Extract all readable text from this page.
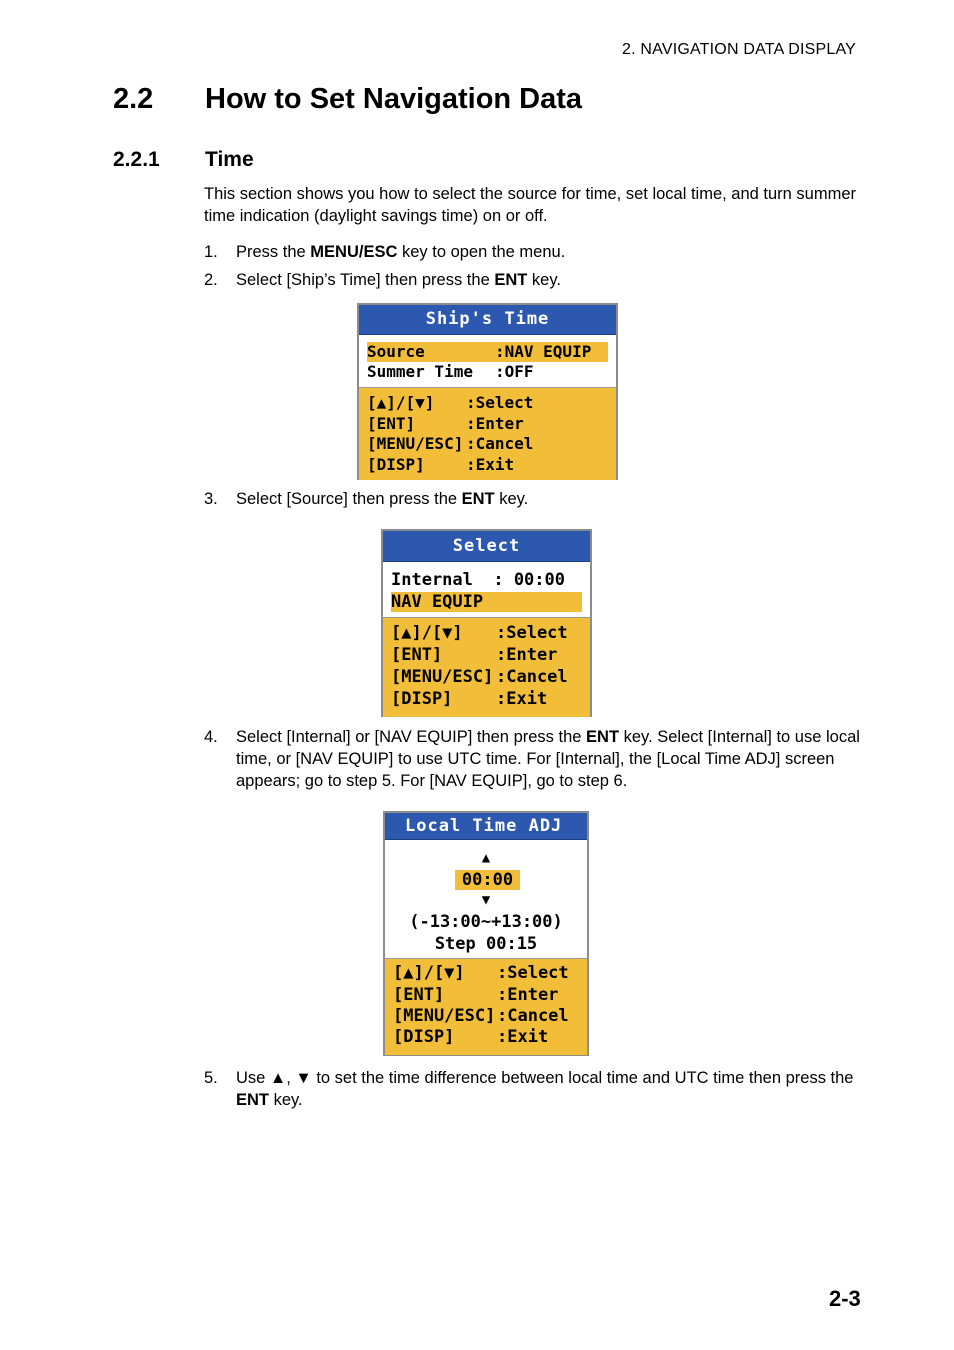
2. NAVIGATION DATA DISPLAY
2.2 How to Set Navigation Data
2.2.1 Time
This section shows you how to select the source for time, set local time, and turn summer time indication (daylight savings time) on or off.
1. Press the MENU/ESC key to open the menu.
2. Select [Ship’s Time] then press the ENT key.
Ship's Time
Source :NAV EQUIP
Summer Time :OFF
[▲]/[▼] :Select
[ENT]	:Enter
[MENU/ESC] :Cancel
[DISP]	:Exit
3. Select [Source] then press the ENT key.
Select
Internal  : 00:00
NAV EQUIP
[▲]/[▼] :Select
[ENT]	:Enter
[MENU/ESC] :Cancel
[DISP]	:Exit
4. Select [Internal] or [NAV EQUIP] then press the ENT key. Select [Internal] to use local time, or [NAV EQUIP] to use UTC time. For [Internal], the [Local Time ADJ] screen appears; go to step 5. For [NAV EQUIP], go to step 6.
Local Time ADJ
▲
00:00
▼
(-13:00~+13:00)
Step 00:15
[▲]/[▼] :Select
[ENT]	:Enter
[MENU/ESC] :Cancel
[DISP]	:Exit
5. Use ▲, ▼ to set the time difference between local time and UTC time then press the ENT key.
2-3
